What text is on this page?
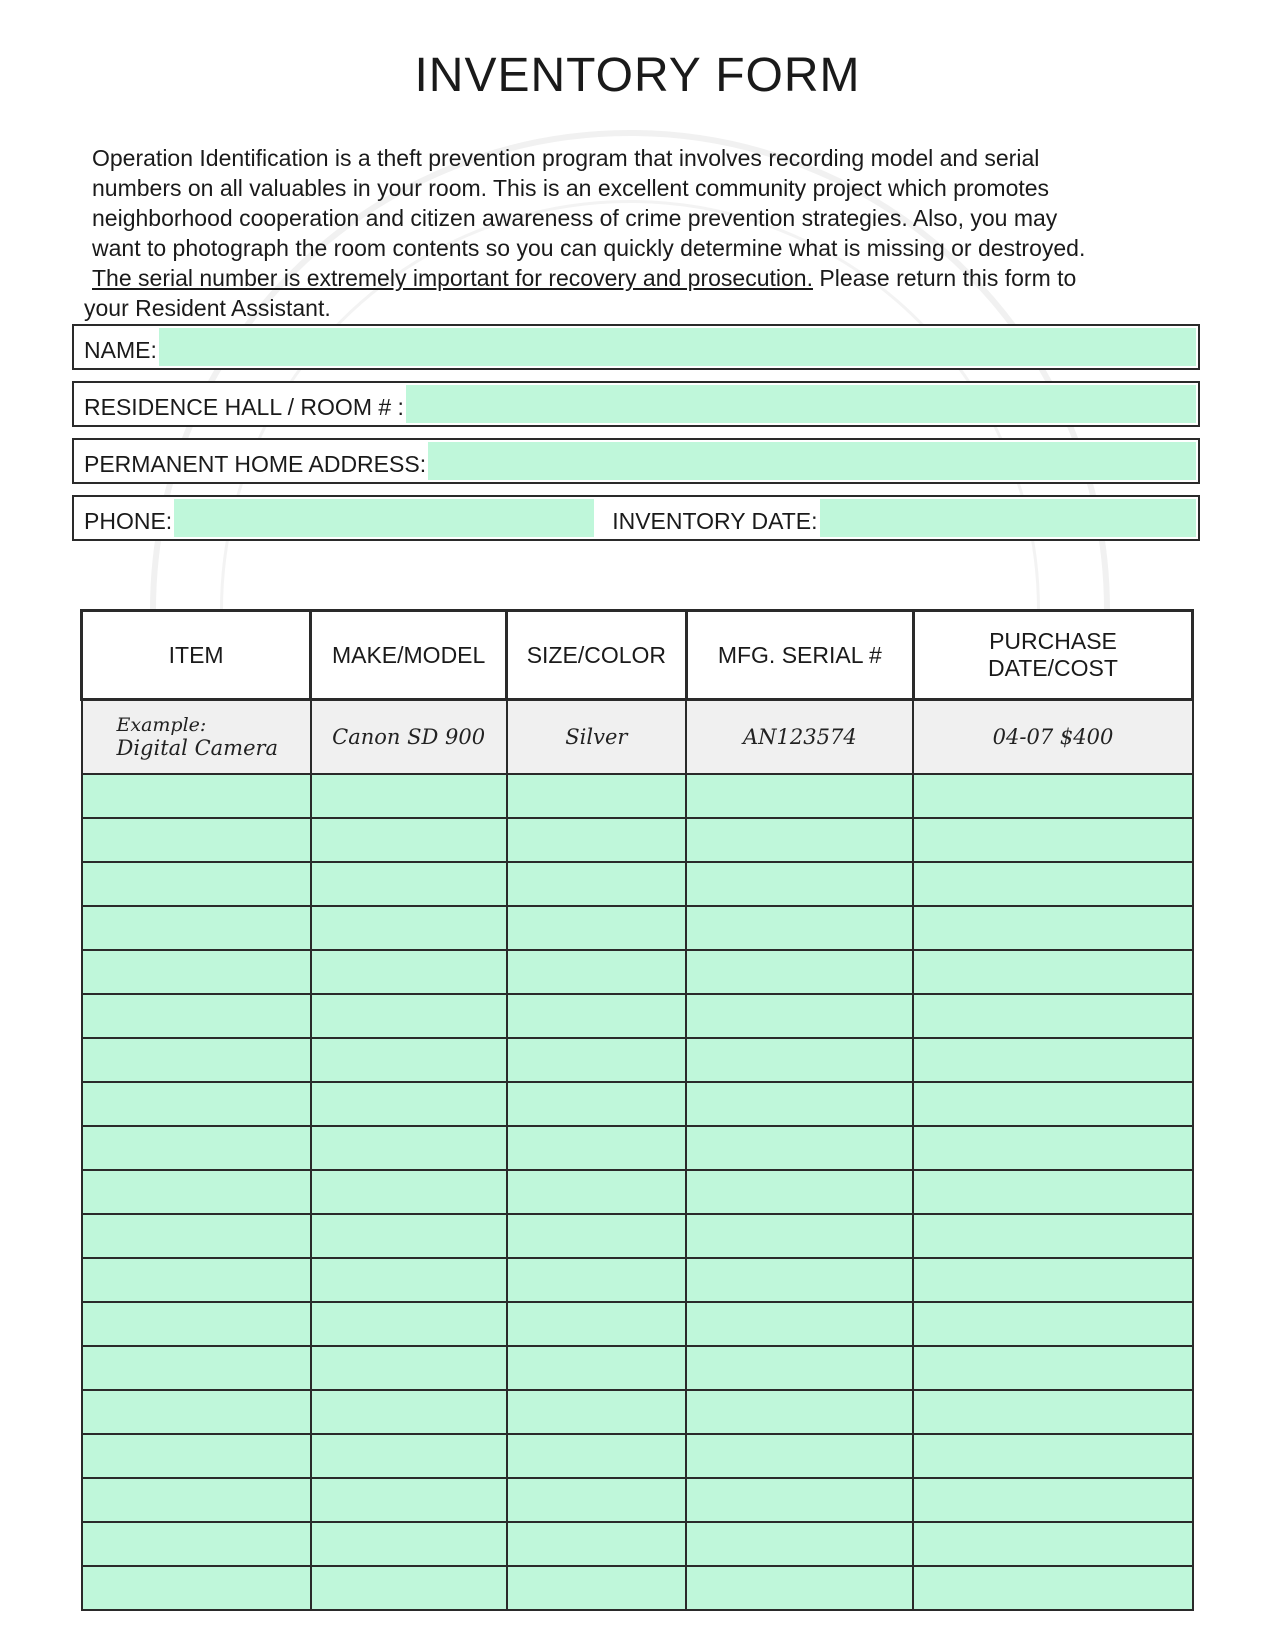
INVENTORY FORM

Operation Identification is a theft prevention program that involves recording model and serial

numbers on all valuables in your room. This is an excellent community project which promotes

neighborhood cooperation and citizen awareness of crime prevention strategies. Also, you may

want to photograph the room contents so you can quickly determine what is missing or destroyed.

The serial number is extremely important for recovery and prosecution. Please return this form to

your Resident Assistant.

NAME:
RESIDENCE HALL / ROOM # :
PERMANENT HOME ADDRESS:
PHONE:	INVENTORY DATE:
ITEM	MAKE/MODEL	SIZE/COLOR	MFG. SERIAL #	PURCHASE
DATE/COST

Example:
Digital Camera	Canon SD 900	Silver	AN123574	04-07 $400
